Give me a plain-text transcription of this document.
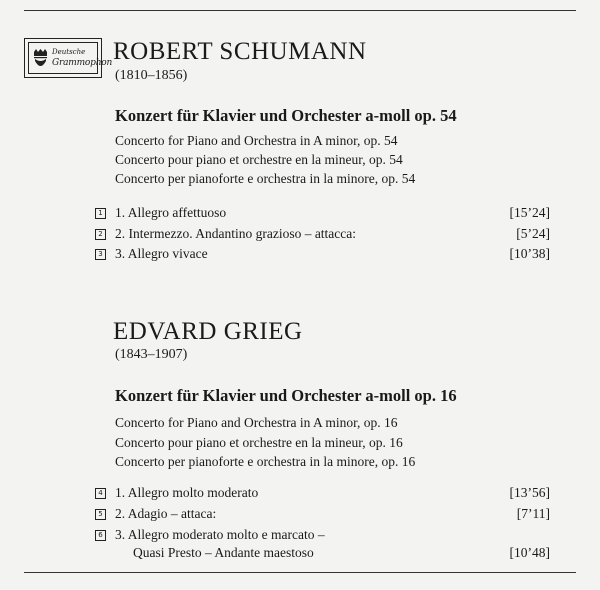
Deutsche
Grammophon ROBERT SCHUMANN
(1810–1856)
Konzert für Klavier und Orchester a-moll op. 54
Concerto for Piano and Orchestra in A minor, op. 54
Concerto pour piano et orchestre en la mineur, op. 54
Concerto per pianoforte e orchestra in la minore, op. 54
1 1. Allegro affettuoso	[15’24]
2 2. Intermezzo. Andantino grazioso – attacca:	[5’24]
3 3. Allegro vivace	[10’38]
EDVARD GRIEG
(1843–1907)
Konzert für Klavier und Orchester a-moll op. 16
Concerto for Piano and Orchestra in A minor, op. 16
Concerto pour piano et orchestre en la mineur, op. 16
Concerto per pianoforte e orchestra in la minore, op. 16
4 1. Allegro molto moderato	[13’56]
5 2. Adagio – attaca:	[7’11]
6 3. Allegro moderato molto e marcato –
Quasi Presto – Andante maestoso	[10’48]
